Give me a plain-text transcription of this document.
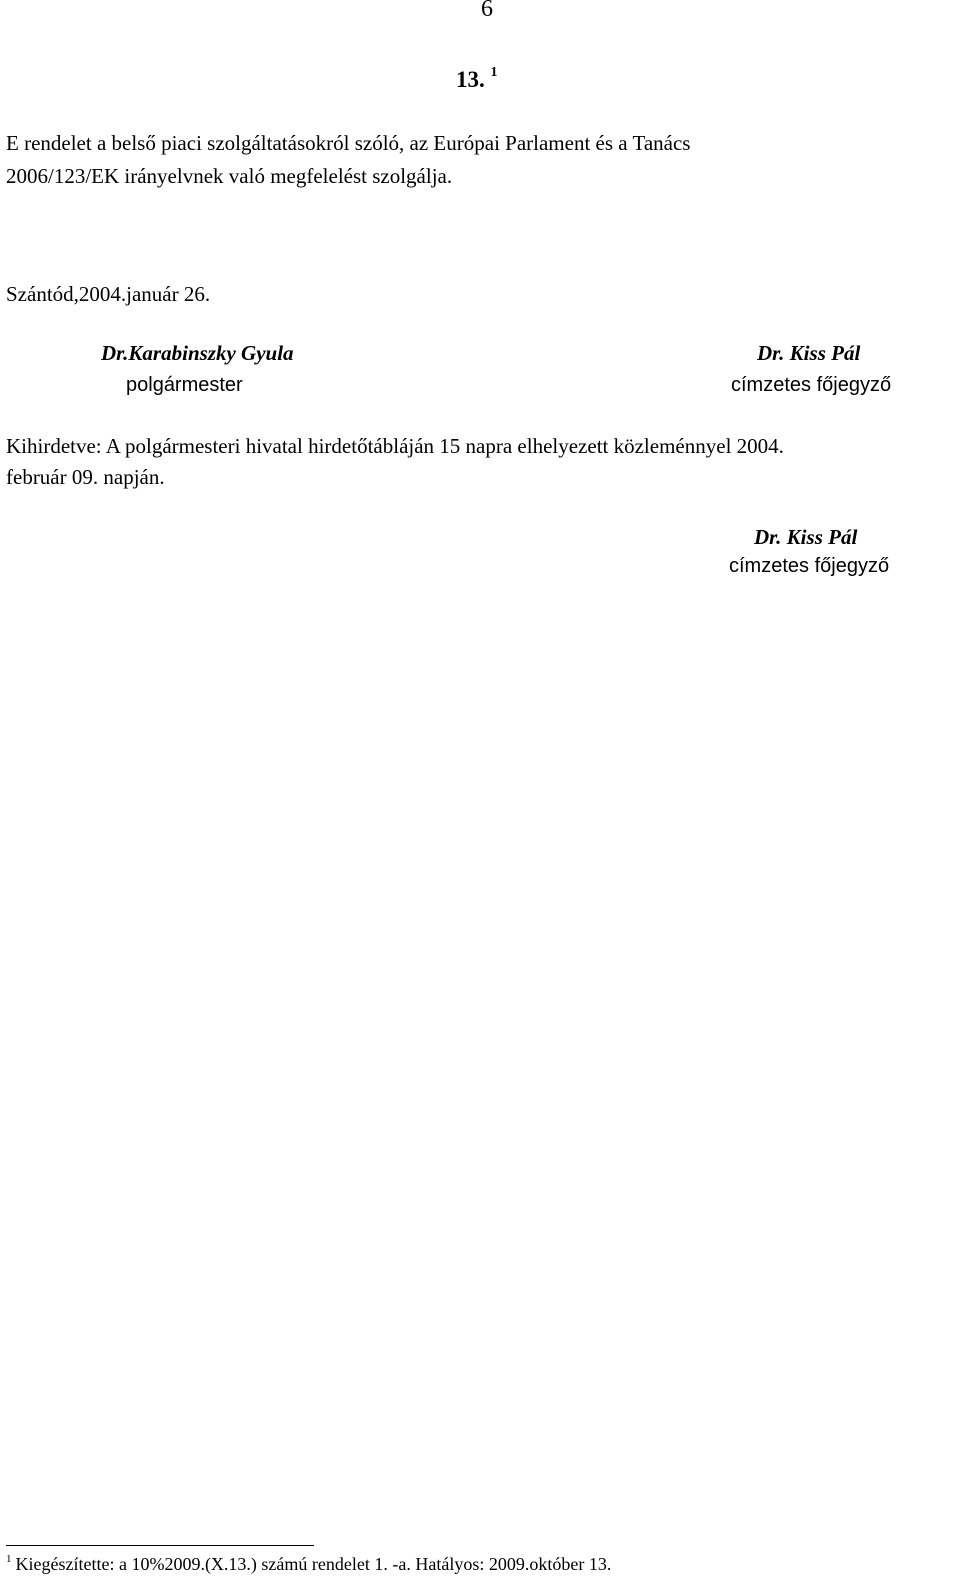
6
13. $^1$
E rendelet a belső piaci szolgáltatásokról szóló, az Európai Parlament és a Tanács
2006/123/EK irányelvnek való megfelelést szolgálja.
Szántód,2004.január 26.
Dr.Karabinszky Gyula
polgármester
Dr. Kiss Pál
címzetes főjegyző
Kihirdetve: A polgármesteri hivatal hirdetőtábláján 15 napra elhelyezett közleménnyel 2004.
február 09. napján.
Dr. Kiss Pál
címzetes főjegyző
$^1$ Kiegészítette: a 10%2009.(X.13.) számú rendelet 1. -a. Hatályos: 2009.október 13.
